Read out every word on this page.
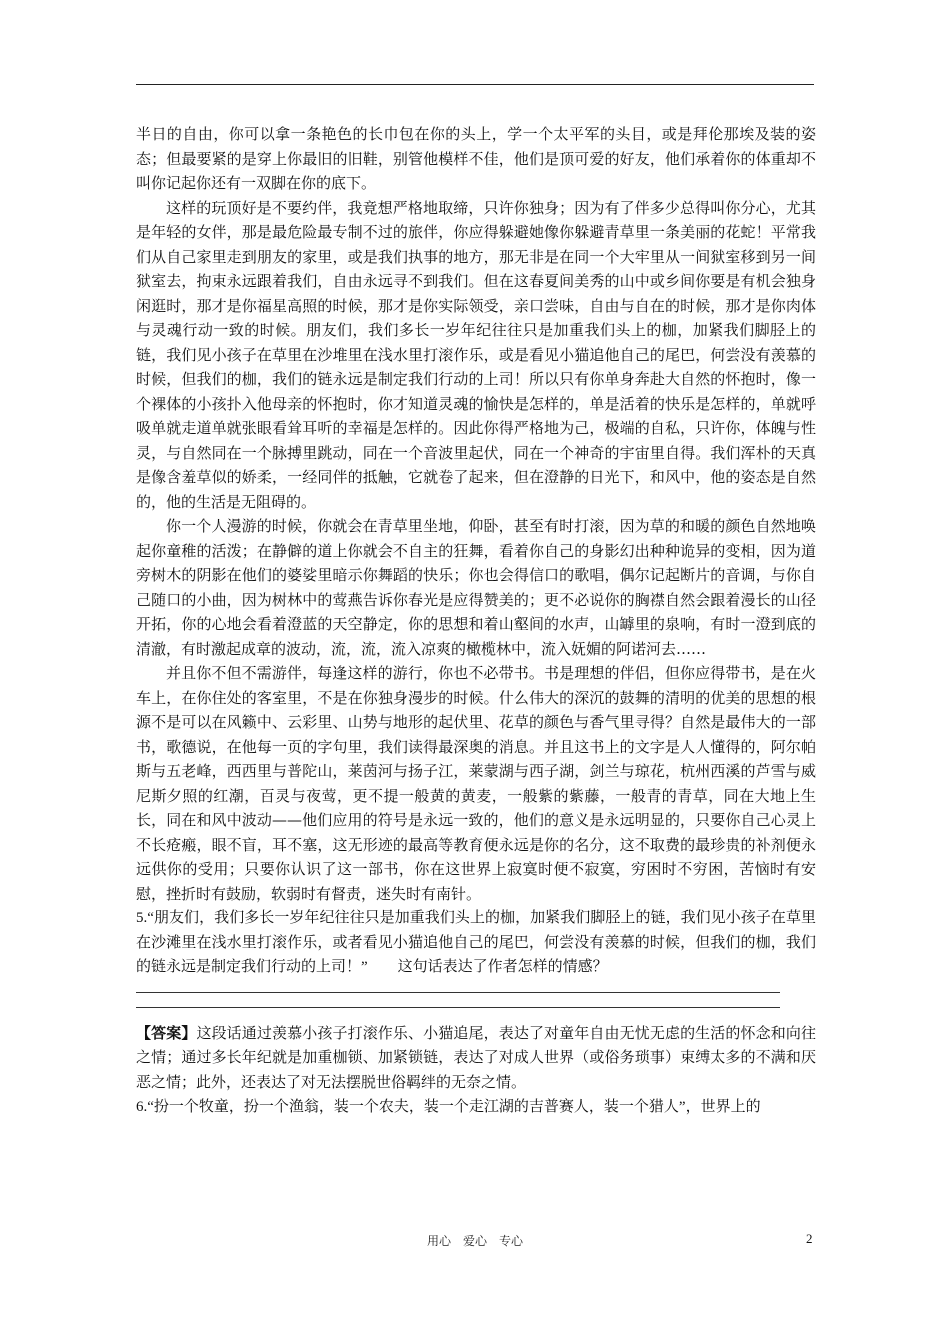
半日的自由，你可以拿一条艳色的长巾包在你的头上，学一个太平军的头目，或是拜伦那埃及装的姿态；但最要紧的是穿上你最旧的旧鞋，别管他模样不佳，他们是顶可爱的好友，他们承着你的体重却不叫你记起你还有一双脚在你的底下。

这样的玩顶好是不要约伴，我竟想严格地取缔，只许你独身；因为有了伴多少总得叫你分心，尤其是年轻的女伴，那是最危险最专制不过的旅伴，你应得躲避她像你躲避青草里一条美丽的花蛇！平常我们从自己家里走到朋友的家里，或是我们执事的地方，那无非是在同一个大牢里从一间狱室移到另一间狱室去，拘束永远跟着我们，自由永远寻不到我们。但在这春夏间美秀的山中或乡间你要是有机会独身闲逛时，那才是你福星高照的时候，那才是你实际领受，亲口尝味，自由与自在的时候，那才是你肉体与灵魂行动一致的时候。朋友们，我们多长一岁年纪往往只是加重我们头上的枷，加紧我们脚胫上的链，我们见小孩子在草里在沙堆里在浅水里打滚作乐，或是看见小猫追他自己的尾巴，何尝没有羡慕的时候，但我们的枷，我们的链永远是制定我们行动的上司！所以只有你单身奔赴大自然的怀抱时，像一个裸体的小孩扑入他母亲的怀抱时，你才知道灵魂的愉快是怎样的，单是活着的快乐是怎样的，单就呼吸单就走道单就张眼看耸耳听的幸福是怎样的。因此你得严格地为己，极端的自私，只许你，体魄与性灵，与自然同在一个脉搏里跳动，同在一个音波里起伏，同在一个神奇的宇宙里自得。我们浑朴的天真是像含羞草似的娇柔，一经同伴的抵触，它就卷了起来，但在澄静的日光下，和风中，他的姿态是自然的，他的生活是无阻碍的。

你一个人漫游的时候，你就会在青草里坐地，仰卧，甚至有时打滚，因为草的和暖的颜色自然地唤起你童稚的活泼；在静僻的道上你就会不自主的狂舞，看着你自己的身影幻出种种诡异的变相，因为道旁树木的阴影在他们的婆娑里暗示你舞蹈的快乐；你也会得信口的歌唱，偶尔记起断片的音调，与你自己随口的小曲，因为树林中的莺燕告诉你春光是应得赞美的；更不必说你的胸襟自然会跟着漫长的山径开拓，你的心地会看着澄蓝的天空静定，你的思想和着山壑间的水声，山罅里的泉响，有时一澄到底的清澈，有时激起成章的波动，流，流，流入凉爽的橄榄林中，流入妩媚的阿诺河去……

并且你不但不需游伴，每逢这样的游行，你也不必带书。书是理想的伴侣，但你应得带书，是在火车上，在你住处的客室里，不是在你独身漫步的时候。什么伟大的深沉的鼓舞的清明的优美的思想的根源不是可以在风籁中、云彩里、山势与地形的起伏里、花草的颜色与香气里寻得？自然是最伟大的一部书，歌德说，在他每一页的字句里，我们读得最深奥的消息。并且这书上的文字是人人懂得的，阿尔帕斯与五老峰，西西里与普陀山，莱茵河与扬子江，莱蒙湖与西子湖，剑兰与琼花，杭州西溪的芦雪与威尼斯夕照的红潮，百灵与夜莺，更不提一般黄的黄麦，一般紫的紫藤，一般青的青草，同在大地上生长，同在和风中波动——他们应用的符号是永远一致的，他们的意义是永远明显的，只要你自己心灵上不长疮瘢，眼不盲，耳不塞，这无形迹的最高等教育便永远是你的名分，这不取费的最珍贵的补剂便永远供你的受用；只要你认识了这一部书，你在这世界上寂寞时便不寂寞，穷困时不穷困，苦恼时有安慰，挫折时有鼓励，软弱时有督责，迷失时有南针。

5.“朋友们，我们多长一岁年纪往往只是加重我们头上的枷，加紧我们脚胫上的链，我们见小孩子在草里在沙滩里在浅水里打滚作乐，或者看见小猫追他自己的尾巴，何尝没有羡慕的时候，但我们的枷，我们的链永远是制定我们行动的上司！”　　这句话表达了作者怎样的情感？

【答案】这段话通过羡慕小孩子打滚作乐、小猫追尾，表达了对童年自由无忧无虑的生活的怀念和向往之情；通过多长年纪就是加重枷锁、加紧锁链，表达了对成人世界（或俗务琐事）束缚太多的不满和厌恶之情；此外，还表达了对无法摆脱世俗羁绊的无奈之情。

6.“扮一个牧童，扮一个渔翁，装一个农夫，装一个走江湖的吉普赛人，装一个猎人”，世界上的

用心　爱心　专心	2
